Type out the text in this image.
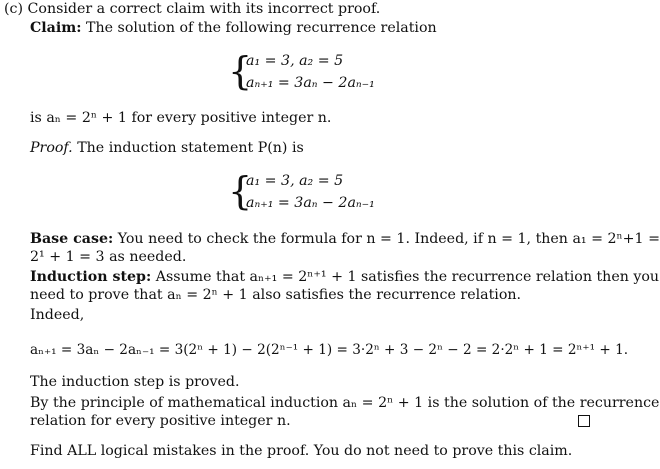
(c) Consider a correct claim with its incorrect proof.
Claim: The solution of the following recurrence relation
{
a₁ = 3, a₂ = 5
aₙ₊₁ = 3aₙ − 2aₙ₋₁
is aₙ = 2ⁿ + 1 for every positive integer n.
Proof. The induction statement P(n) is
{
a₁ = 3, a₂ = 5
aₙ₊₁ = 3aₙ − 2aₙ₋₁
Base case: You need to check the formula for n = 1. Indeed, if n = 1, then a₁ = 2ⁿ+1 =
2¹ + 1 = 3 as needed.
Induction step: Assume that aₙ₊₁ = 2ⁿ⁺¹ + 1 satisfies the recurrence relation then you
need to prove that aₙ = 2ⁿ + 1 also satisfies the recurrence relation.
Indeed,
aₙ₊₁ = 3aₙ − 2aₙ₋₁ = 3(2ⁿ + 1) − 2(2ⁿ⁻¹ + 1) = 3·2ⁿ + 3 − 2ⁿ − 2 = 2·2ⁿ + 1 = 2ⁿ⁺¹ + 1.
The induction step is proved.
By the principle of mathematical induction aₙ = 2ⁿ + 1 is the solution of the recurrence
relation for every positive integer n.
Find ALL logical mistakes in the proof. You do not need to prove this claim.
